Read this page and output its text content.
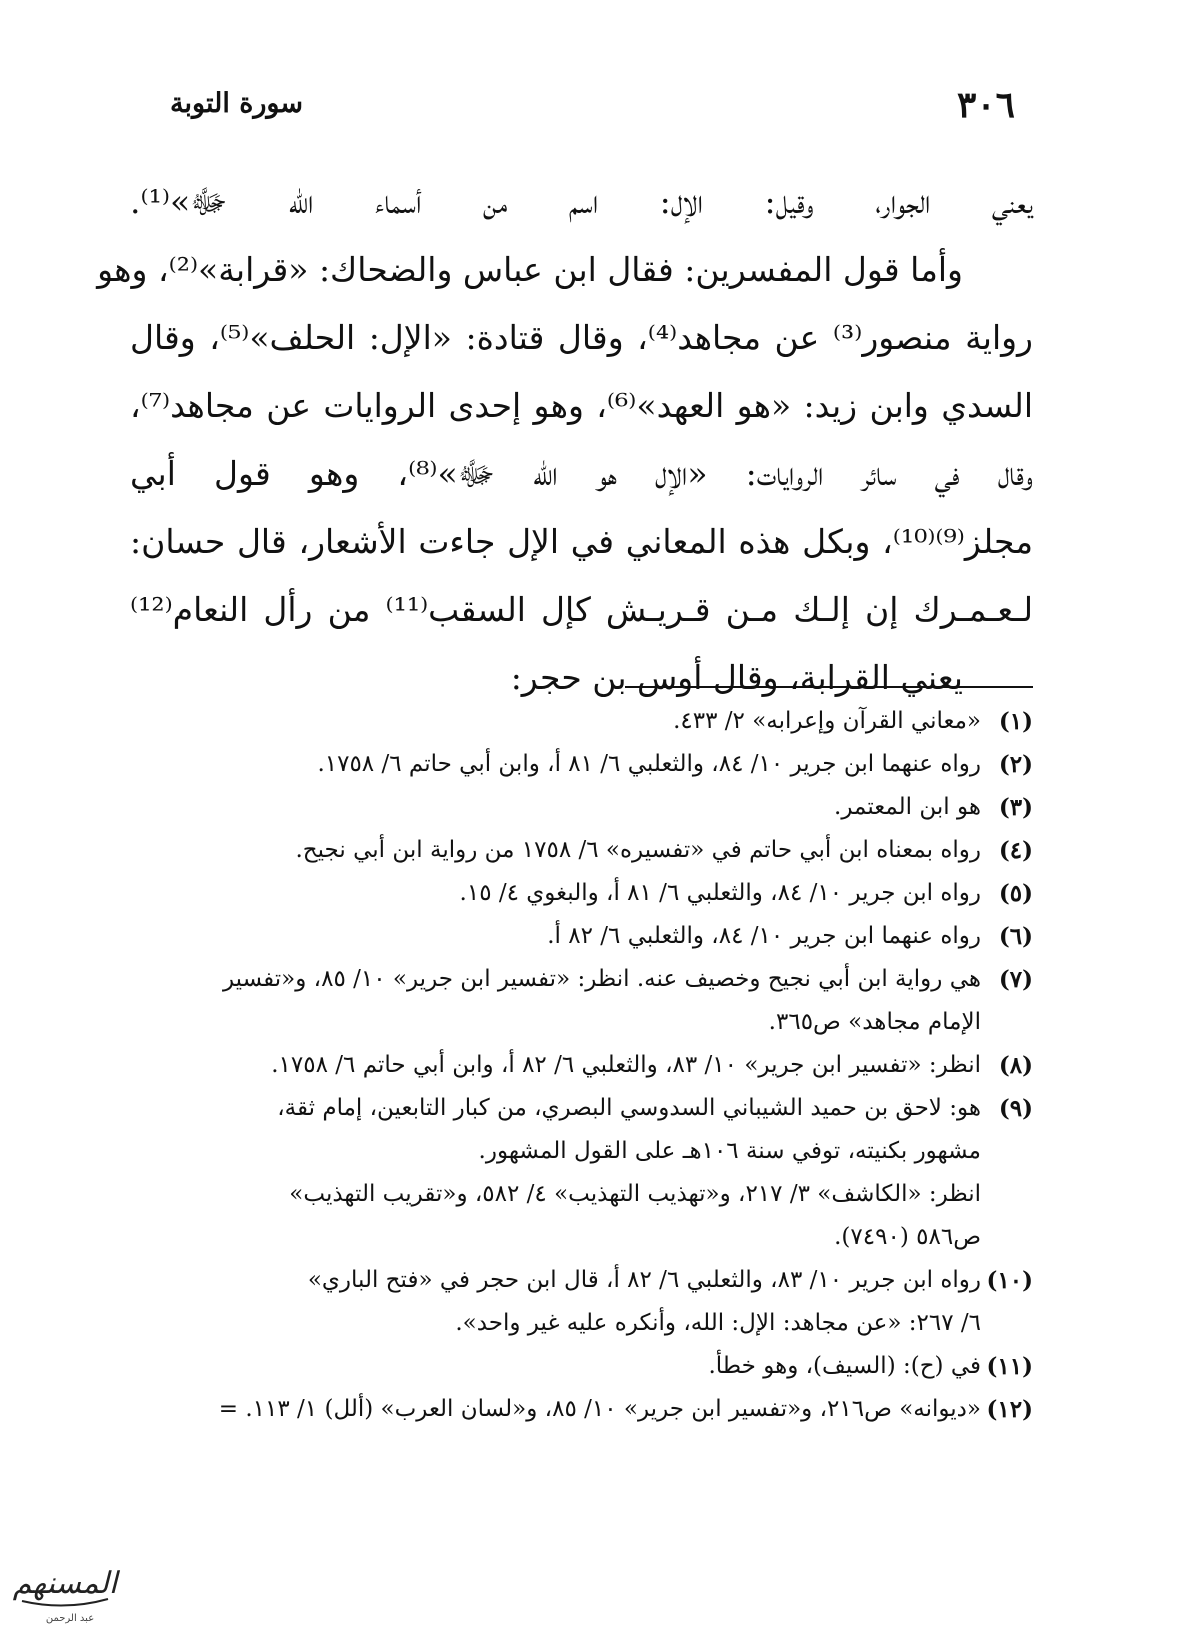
٣٠٦
سورة التوبة
يعني الجوار، وقيل: الإل: اسم من أسماء الله ﷻ»⁽¹⁾.
وأما قول المفسرين: فقال ابن عباس والضحاك: «قرابة»⁽²⁾، وهو
رواية منصور⁽³⁾ عن مجاهد⁽⁴⁾، وقال قتادة: «الإل: الحلف»⁽⁵⁾، وقال
السدي وابن زيد: «هو العهد»⁽⁶⁾، وهو إحدى الروايات عن مجاهد⁽⁷⁾،
وقال في سائر الروايات: «الإل هو الله ﷻ»⁽⁸⁾، وهو قول أبي
مجلز⁽⁹⁾⁽¹⁰⁾، وبكل هذه المعاني في الإل جاءت الأشعار، قال حسان:
لـعـمـرك إن إلـك مـن قـريـش كإل السقب⁽¹¹⁾ من رأل النعام⁽¹²⁾
يعني القرابة، وقال أوس بن حجر:
(١)
«معاني القرآن وإعرابه» ٢/ ٤٣٣.
(٢)
رواه عنهما ابن جرير ١٠/ ٨٤، والثعلبي ٦/ ٨١ أ، وابن أبي حاتم ٦/ ١٧٥٨.
(٣)
هو ابن المعتمر.
(٤)
رواه بمعناه ابن أبي حاتم في «تفسيره» ٦/ ١٧٥٨ من رواية ابن أبي نجيح.
(٥)
رواه ابن جرير ١٠/ ٨٤، والثعلبي ٦/ ٨١ أ، والبغوي ٤/ ١٥.
(٦)
رواه عنهما ابن جرير ١٠/ ٨٤، والثعلبي ٦/ ٨٢ أ.
(٧)
هي رواية ابن أبي نجيح وخصيف عنه. انظر: «تفسير ابن جرير» ١٠/ ٨٥، و«تفسير
الإمام مجاهد» ص٣٦٥.
(٨)
انظر: «تفسير ابن جرير» ١٠/ ٨٣، والثعلبي ٦/ ٨٢ أ، وابن أبي حاتم ٦/ ١٧٥٨.
(٩)
هو: لاحق بن حميد الشيباني السدوسي البصري، من كبار التابعين، إمام ثقة،
مشهور بكنيته، توفي سنة ١٠٦هـ على القول المشهور.
انظر: «الكاشف» ٣/ ٢١٧، و«تهذيب التهذيب» ٤/ ٥٨٢، و«تقريب التهذيب»
ص٥٨٦ (٧٤٩٠).
(١٠)
رواه ابن جرير ١٠/ ٨٣، والثعلبي ٦/ ٨٢ أ، قال ابن حجر في «فتح الباري»
٦/ ٢٦٧: «عن مجاهد: الإل: الله، وأنكره عليه غير واحد».
(١١)
في (ح): (السيف)، وهو خطأ.
(١٢)
«ديوانه» ص٢١٦، و«تفسير ابن جرير» ١٠/ ٨٥، و«لسان العرب» (ألل) ١/ ١١٣. =
المسنهم
عبد الرحمن
